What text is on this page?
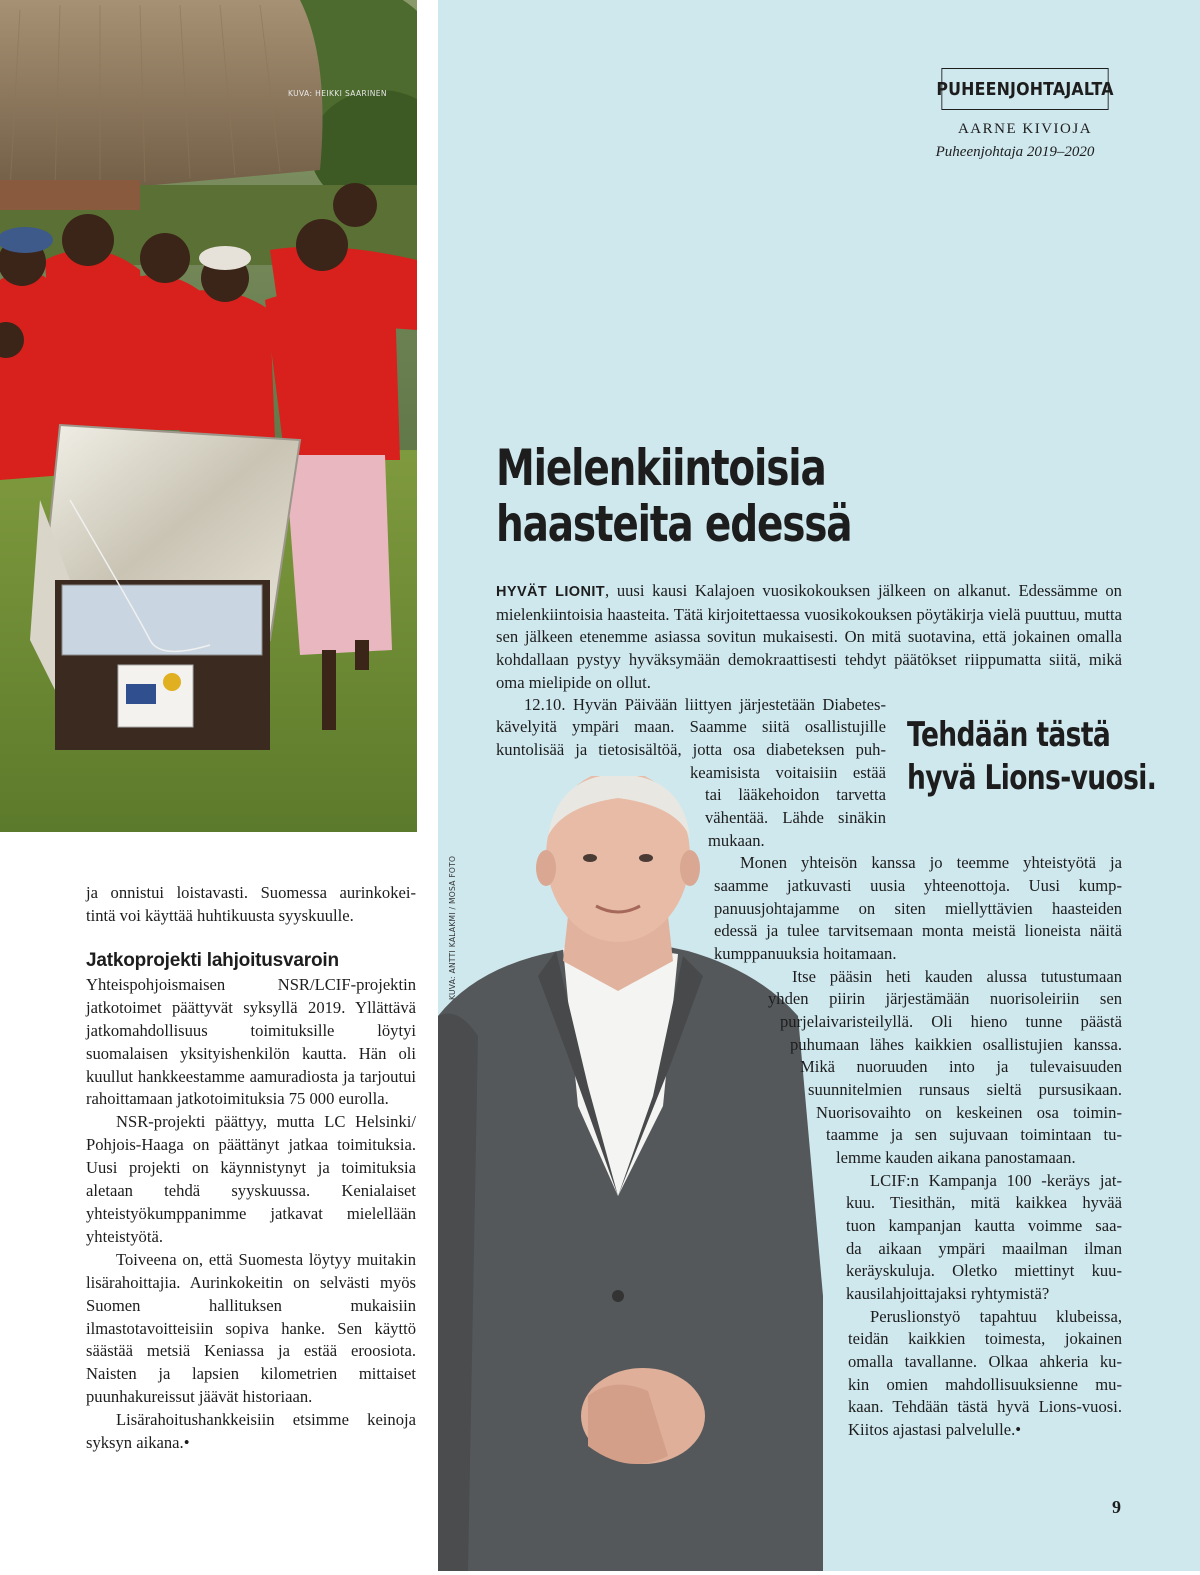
KUVA: HEIKKI SAARINEN
ja onnistui loistavasti. Suomessa aurinkokei-
tintä voi käyttää huhtikuusta syyskuulle.
Jatkoprojekti lahjoitusvaroin

Yhteispohjoismaisen NSR/LCIF-projektin jatkotoimet päättyvät syksyllä 2019. Yllättävä jatkomahdollisuus toimituksille löytyi suomalaisen yksityishenkilön kautta. Hän oli kuullut hankkeestamme aamuradiosta ja tarjoutui rahoittamaan jatkotoimituksia 75 000 eurolla.

NSR-projekti päättyy, mutta LC Helsinki/ Pohjois-Haaga on päättänyt jatkaa toimituksia. Uusi projekti on käynnistynyt ja toimituksia aletaan tehdä syyskuussa. Kenialaiset yhteistyökumppanimme jatkavat mielellään yhteistyötä.

Toiveena on, että Suomesta löytyy muitakin lisärahoittajia. Aurinkokeitin on selvästi myös Suomen hallituksen mukaisiin ilmastotavoitteisiin sopiva hanke. Sen käyttö säästää metsiä Keniassa ja estää eroosiota. Naisten ja lapsien kilometrien mittaiset puunhakureissut jäävät historiaan.

Lisärahoitushankkeisiin etsimme keinoja syksyn aikana.•

PUHEENJOHTAJALTA
AARNE KIVIOJA
Puheenjohtaja 2019–2020
Mielenkiintoisia
haasteita edessä
KUVA: ANTTI KALAKMI / MOSA FOTO

HYVÄT LIONIT, uusi kausi Kalajoen vuosikokouksen jälkeen on alkanut. Edessämme on mielenkiintoisia haasteita. Tätä kirjoitettaessa vuosikokouksen pöytäkirja vielä puuttuu, mutta sen jälkeen etenemme asiassa sovitun mukaisesti. On mitä suotavina, että jokainen omalla kohdallaan pystyy hyväksymään demokraattisesti tehdyt päätökset riippumatta siitä, mikä oma mielipide on ollut.

Tehdään tästä
hyvä Lions-vuosi.
12.10. Hyvän Päivään liittyen järjestetään Diabetes-
kävelyitä ympäri maan. Saamme siitä osallistujille
kuntolisää ja tietosisältöä, jotta osa diabeteksen puh-
keamisista voitaisiin estää
tai lääkehoidon tarvetta
vähentää. Lähde sinäkin
mukaan.
Monen yhteisön kanssa jo teemme yhteistyötä ja
saamme jatkuvasti uusia yhteenottoja. Uusi kump-
panuusjohtajamme on siten miellyttävien haasteiden
edessä ja tulee tarvitsemaan monta meistä lioneista näitä
kumppanuuksia hoitamaan.
Itse pääsin heti kauden alussa tutustumaan
yhden piirin järjestämään nuorisoleiriin sen
purjelaivaristeilyllä. Oli hieno tunne päästä
puhumaan lähes kaikkien osallistujien kanssa.
Mikä nuoruuden into ja tulevaisuuden
suunnitelmien runsaus sieltä pursusikaan.
Nuorisovaihto on keskeinen osa toimin-
taamme ja sen sujuvaan toimintaan tu-
lemme kauden aikana panostamaan.
LCIF:n Kampanja 100 -keräys jat-
kuu. Tiesithän, mitä kaikkea hyvää
tuon kampanjan kautta voimme saa-
da aikaan ympäri maailman ilman
keräyskuluja. Oletko miettinyt kuu-
kausilahjoittajaksi ryhtymistä?
Peruslionstyö tapahtuu klubeissa,
teidän kaikkien toimesta, jokainen
omalla tavallanne. Olkaa ahkeria ku-
kin omien mahdollisuuksienne mu-
kaan. Tehdään tästä hyvä Lions-vuosi.
Kiitos ajastasi palvelulle.•
9
